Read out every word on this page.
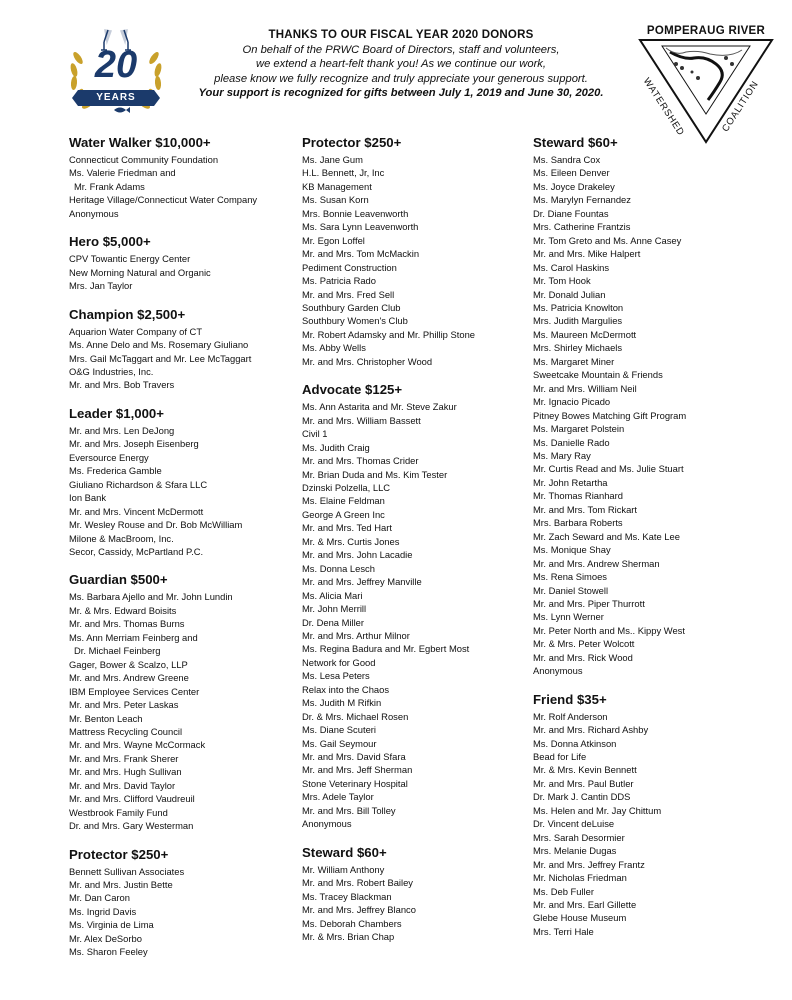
20
YEARS
THANKS TO OUR FISCAL YEAR 2020 DONORS
On behalf of the PRWC Board of Directors, staff and volunteers,
we extend a heart-felt thank you! As we continue our work,
please know we fully recognize and truly appreciate your generous support.
Your support is recognized for gifts between July 1, 2019 and June 30, 2020.
POMPERAUG RIVER
WATERSHED	COALITION
Water Walker $10,000+
Connecticut Community Foundation
Ms. Valerie Friedman and
Mr. Frank Adams
Heritage Village/Connecticut Water Company
Anonymous
Hero $5,000+
CPV Towantic Energy Center
New Morning Natural and Organic
Mrs. Jan Taylor
Champion $2,500+
Aquarion Water Company of CT
Ms. Anne Delo and Ms. Rosemary Giuliano
Mrs. Gail McTaggart and Mr. Lee McTaggart
O&G Industries, Inc.
Mr. and Mrs. Bob Travers
Leader $1,000+
Mr. and Mrs. Len DeJong
Mr. and Mrs. Joseph Eisenberg
Eversource Energy
Ms. Frederica Gamble
Giuliano Richardson & Sfara LLC
Ion Bank
Mr. and Mrs. Vincent McDermott
Mr. Wesley Rouse and Dr. Bob McWilliam
Milone & MacBroom, Inc.
Secor, Cassidy, McPartland P.C.
Guardian $500+
Ms. Barbara Ajello and Mr. John Lundin
Mr. & Mrs. Edward Boisits
Mr. and Mrs. Thomas Burns
Ms. Ann Merriam Feinberg and
Dr. Michael Feinberg
Gager, Bower & Scalzo, LLP
Mr. and Mrs. Andrew Greene
IBM Employee Services Center
Mr. and Mrs. Peter Laskas
Mr. Benton Leach
Mattress Recycling Council
Mr. and Mrs. Wayne McCormack
Mr. and Mrs. Frank Sherer
Mr. and Mrs. Hugh Sullivan
Mr. and Mrs. David Taylor
Mr. and Mrs. Clifford Vaudreuil
Westbrook Family Fund
Dr. and Mrs. Gary Westerman
Protector $250+
Bennett Sullivan Associates
Mr. and Mrs. Justin Bette
Mr. Dan Caron
Ms. Ingrid Davis
Ms. Virginia de Lima
Mr. Alex DeSorbo
Ms. Sharon Feeley
Protector $250+
Ms. Jane Gum
H.L. Bennett, Jr, Inc
KB Management
Ms. Susan Korn
Mrs. Bonnie Leavenworth
Ms. Sara Lynn Leavenworth
Mr. Egon Loffel
Mr. and Mrs. Tom McMackin
Pediment Construction
Ms. Patricia Rado
Mr. and Mrs. Fred Sell
Southbury Garden Club
Southbury Women's Club
Mr. Robert Adamsky and Mr. Phillip Stone
Ms. Abby Wells
Mr. and Mrs. Christopher Wood
Advocate $125+
Ms. Ann Astarita and Mr. Steve Zakur
Mr. and Mrs. William Bassett
Civil 1
Ms. Judith Craig
Mr. and Mrs. Thomas Crider
Mr. Brian Duda and Ms. Kim Tester
Dzinski Polzella, LLC
Ms. Elaine Feldman
George A Green Inc
Mr. and Mrs. Ted Hart
Mr. & Mrs. Curtis Jones
Mr. and Mrs. John Lacadie
Ms. Donna Lesch
Mr. and Mrs. Jeffrey Manville
Ms. Alicia Mari
Mr. John Merrill
Dr. Dena Miller
Mr. and Mrs. Arthur Milnor
Ms. Regina Badura and Mr. Egbert Most
Network for Good
Ms. Lesa Peters
Relax into the Chaos
Ms. Judith M Rifkin
Dr. & Mrs. Michael Rosen
Ms. Diane Scuteri
Ms. Gail Seymour
Mr. and Mrs. David Sfara
Mr. and Mrs. Jeff Sherman
Stone Veterinary Hospital
Mrs. Adele Taylor
Mr. and Mrs. Bill Tolley
Anonymous
Steward $60+
Mr. William Anthony
Mr. and Mrs. Robert Bailey
Ms. Tracey Blackman
Mr. and Mrs. Jeffrey Blanco
Ms. Deborah Chambers
Mr. & Mrs. Brian Chap
Steward $60+
Ms. Sandra Cox
Ms. Eileen Denver
Ms. Joyce Drakeley
Ms. Marylyn Fernandez
Dr. Diane Fountas
Mrs. Catherine Frantzis
Mr. Tom Greto and Ms. Anne Casey
Mr. and Mrs. Mike Halpert
Ms. Carol Haskins
Mr. Tom Hook
Mr. Donald Julian
Ms. Patricia Knowlton
Mrs. Judith Margulies
Ms. Maureen McDermott
Mrs. Shirley Michaels
Ms. Margaret Miner
Sweetcake Mountain & Friends
Mr. and Mrs. William Neil
Mr. Ignacio Picado
Pitney Bowes Matching Gift Program
Ms. Margaret Polstein
Ms. Danielle Rado
Ms. Mary Ray
Mr. Curtis Read and Ms. Julie Stuart
Mr. John Retartha
Mr. Thomas Rianhard
Mr. and Mrs. Tom Rickart
Mrs. Barbara Roberts
Mr. Zach Seward and Ms. Kate Lee
Ms. Monique Shay
Mr. and Mrs. Andrew Sherman
Ms. Rena Simoes
Mr. Daniel Stowell
Mr. and Mrs. Piper Thurrott
Ms. Lynn Werner
Mr. Peter North and Ms.. Kippy West
Mr. & Mrs. Peter Wolcott
Mr. and Mrs. Rick Wood
Anonymous
Friend $35+
Mr. Rolf Anderson
Mr. and Mrs. Richard Ashby
Ms. Donna Atkinson
Bead for Life
Mr. & Mrs. Kevin Bennett
Mr. and Mrs. Paul Butler
Dr. Mark J. Cantin DDS
Ms. Helen and Mr. Jay Chittum
Dr. Vincent deLuise
Mrs. Sarah Desormier
Mrs. Melanie Dugas
Mr. and Mrs. Jeffrey Frantz
Mr. Nicholas Friedman
Ms. Deb Fuller
Mr. and Mrs. Earl Gillette
Glebe House Museum
Mrs. Terri Hale
